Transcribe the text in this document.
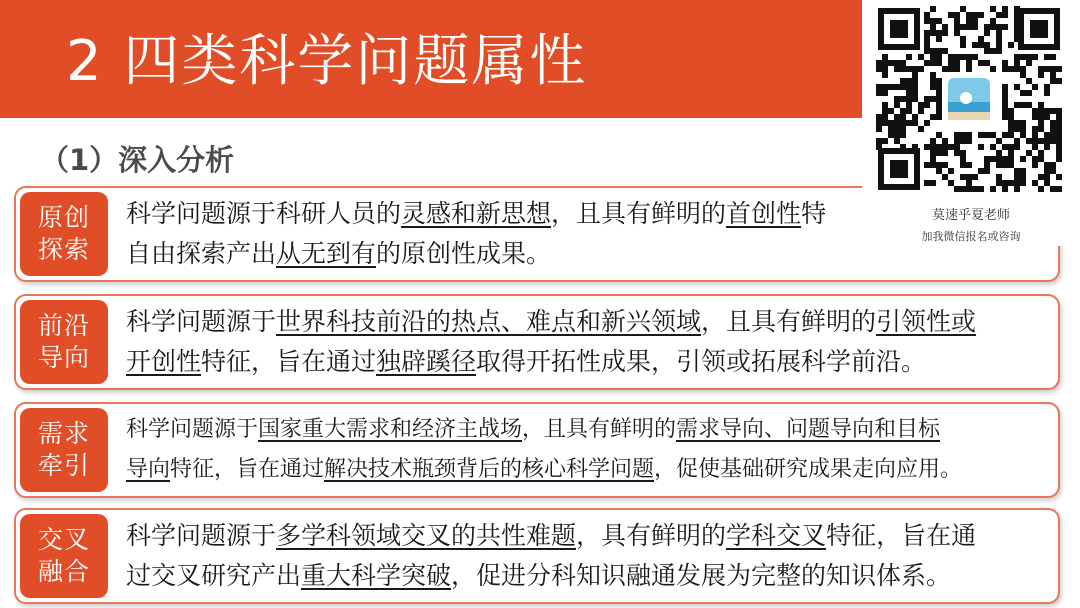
2 四类科学问题属性
（1）深入分析
原创
探索
科学问题源于科研人员的灵感和新思想，且具有鲜明的首创性特
自由探索产出从无到有的原创性成果。
前沿
导向
科学问题源于世界科技前沿的热点、难点和新兴领域，且具有鲜明的引领性或
开创性特征，旨在通过独辟蹊径取得开拓性成果，引领或拓展科学前沿。
需求
牵引
科学问题源于国家重大需求和经济主战场，且具有鲜明的需求导向、问题导向和目标
导向特征，旨在通过解决技术瓶颈背后的核心科学问题，促使基础研究成果走向应用。
交叉
融合
科学问题源于多学科领域交叉的共性难题，具有鲜明的学科交叉特征，旨在通
过交叉研究产出重大科学突破，促进分科知识融通发展为完整的知识体系。
莫速乎夏老师
加我微信报名或咨询
